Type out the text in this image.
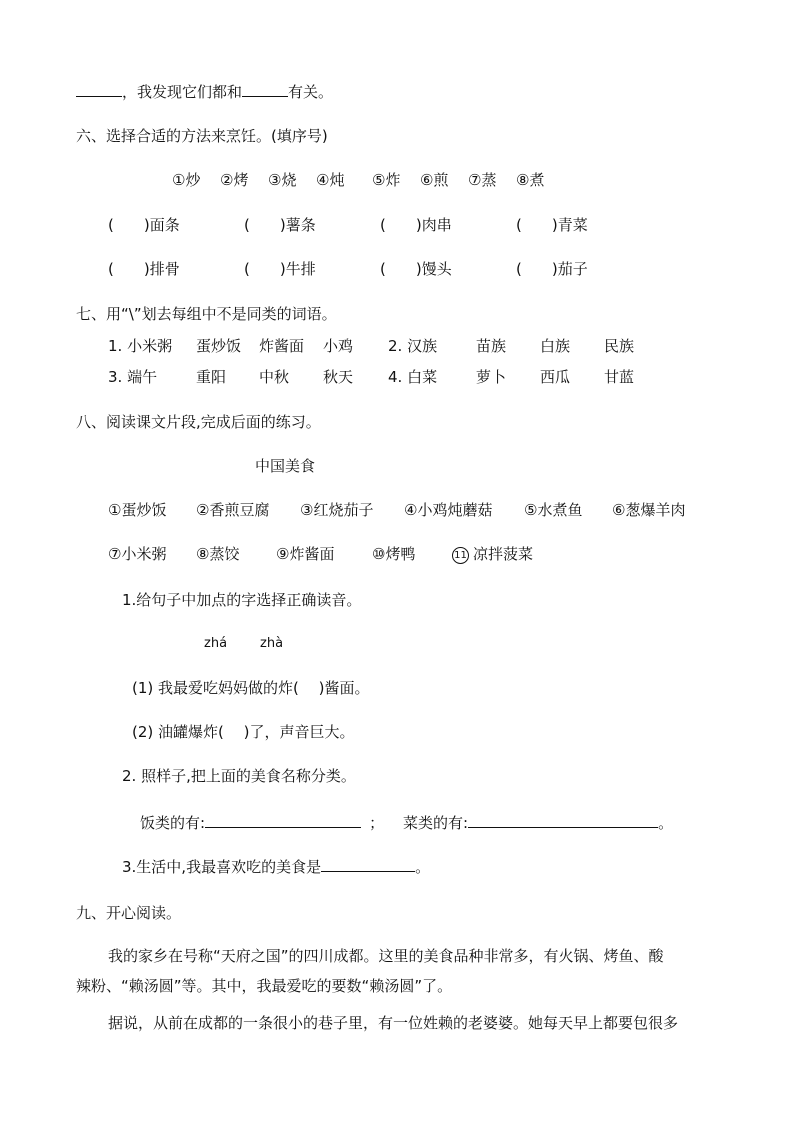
，我发现它们都和	有关。
六、选择合适的方法来烹饪。(填序号)
①炒 ②烤 ③烧 ④炖 ⑤炸 ⑥煎 ⑦蒸 ⑧煮
(　　)面条	(　　)薯条	(　　)肉串	(　　)青菜
(　　)排骨	(　　)牛排	(　　)馒头	(　　)茄子
七、用“\”划去每组中不是同类的词语。
1. 小米粥 蛋炒饭 炸酱面 小鸡 2. 汉族	苗族 白族 民族
3. 端午	重阳 中秋 秋天 4. 白菜	萝卜 西瓜 甘蓝
八、阅读课文片段,完成后面的练习。
中国美食
①蛋炒饭 ②香煎豆腐 ③红烧茄子 ④小鸡炖蘑菇 ⑤水煮鱼 ⑥葱爆羊肉
⑦小米粥 ⑧蒸饺 ⑨炸酱面	⑩烤鸭	11 凉拌菠菜
1.给句子中加点的字选择正确读音。
zhá	zhà
(1) 我最爱吃妈妈做的炸(　 )酱面。
(2) 油罐爆炸(　 )了，声音巨大。
2. 照样子,把上面的美食名称分类。
饭类的有:	； 菜类的有:	。
3.生活中,我最喜欢吃的美食是	。
九、开心阅读。
我的家乡在号称“天府之国”的四川成都。这里的美食品种非常多，有火锅、烤鱼、酸
辣粉、“赖汤圆”等。其中，我最爱吃的要数“赖汤圆”了。
据说，从前在成都的一条很小的巷子里，有一位姓赖的老婆婆。她每天早上都要包很多
